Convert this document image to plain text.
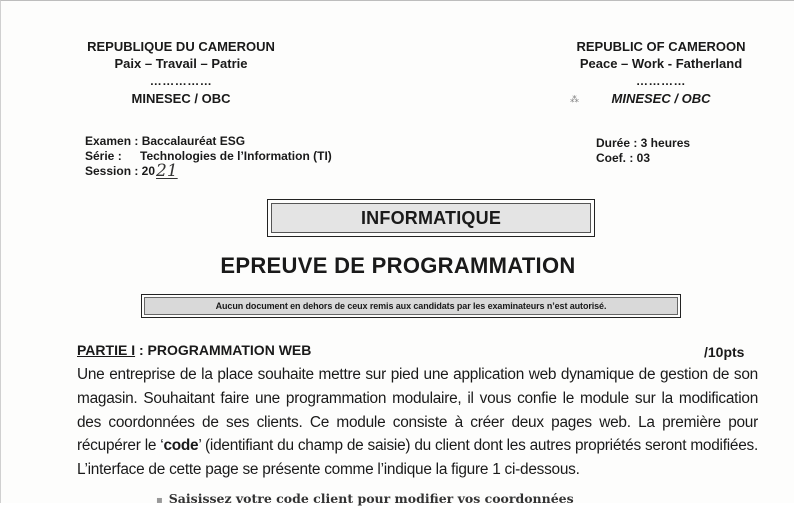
REPUBLIQUE DU CAMEROUN
Paix – Travail – Patrie
……………
MINESEC / OBC
REPUBLIC OF CAMEROON
Peace – Work - Fatherland
…………
MINESEC / OBC
⁂
Examen : Baccalauréat ESG
Série :	Technologies de l’Information (TI)
Session : 20 21
Durée : 3 heures
Coef. : 03
INFORMATIQUE
EPREUVE DE PROGRAMMATION
Aucun document en dehors de ceux remis aux candidats par les examinateurs n’est autorisé.
PARTIE I : PROGRAMMATION WEB	/10pts
Une entreprise de la place souhaite mettre sur pied une application web dynamique de gestion de son magasin. Souhaitant faire une programmation modulaire, il vous confie le module sur la modification des coordonnées de ses clients. Ce module consiste à créer deux pages web. La première pour récupérer le ‘code’ (identifiant du champ de saisie) du client dont les autres propriétés seront modifiées. L’interface de cette page se présente comme l’indique la figure 1 ci-dessous.
▪ Saisissez votre code client pour modifier vos coordonnées
